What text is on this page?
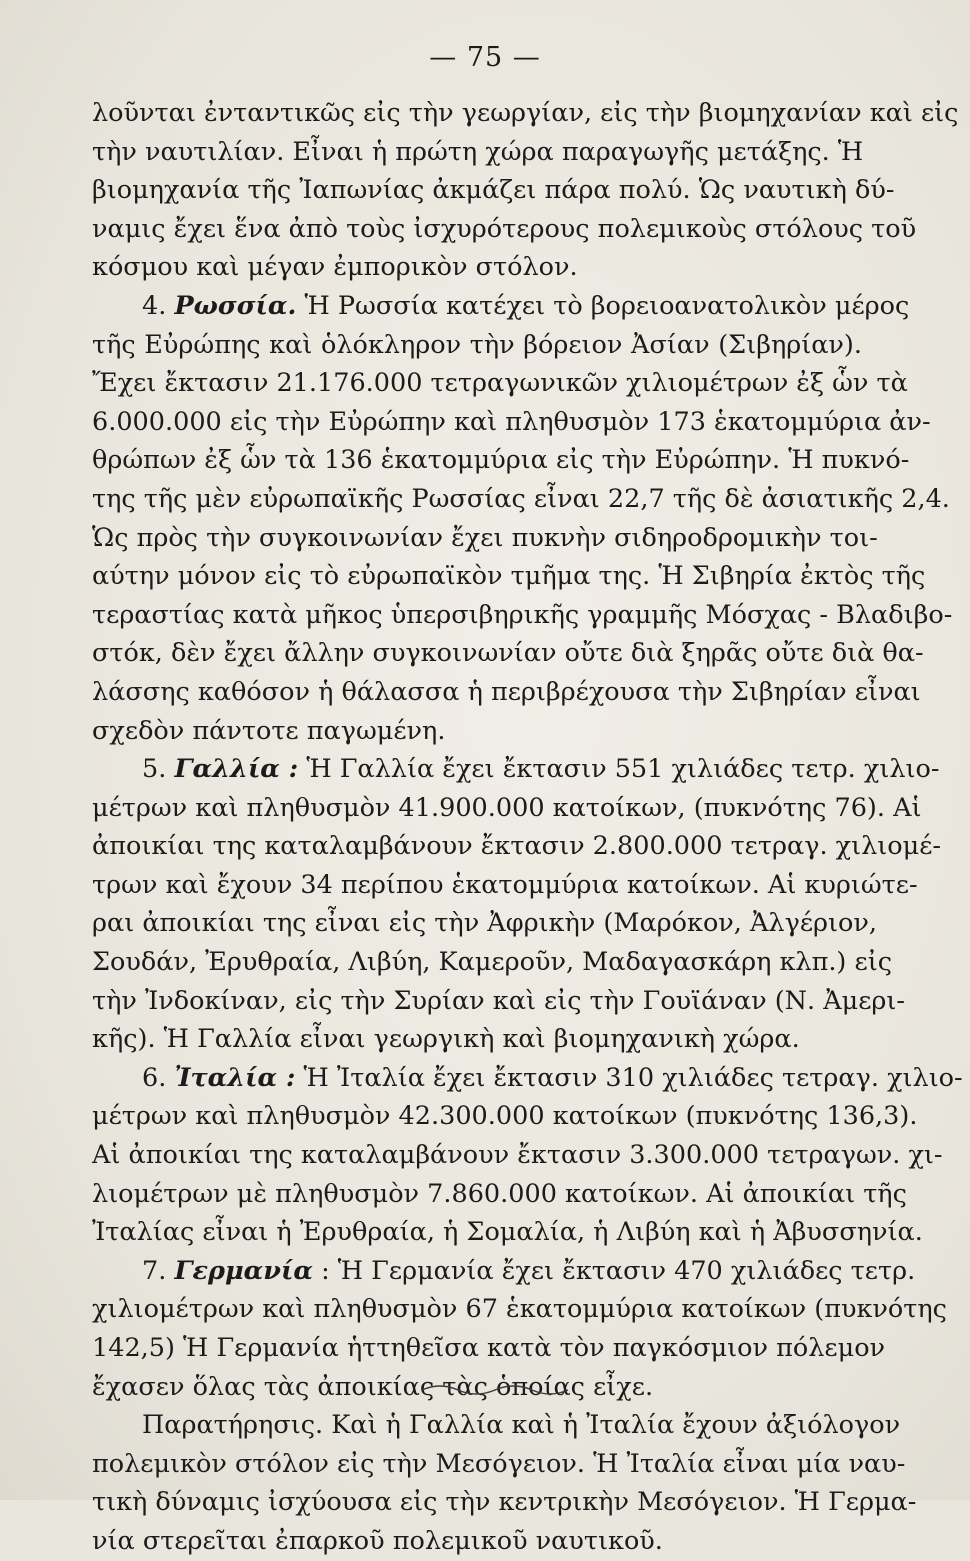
— 75 —
λοῦνται ἐνταντικῶς εἰς τὴν γεωργίαν, εἰς τὴν βιομηχανίαν καὶ εἰς
τὴν ναυτιλίαν. Εἶναι ἡ πρώτη χώρα παραγωγῆς μετάξης. Ἡ
βιομηχανία τῆς Ἰαπωνίας ἀκμάζει πάρα πολύ. Ὡς ναυτικὴ δύ-
ναμις ἔχει ἕνα ἀπὸ τοὺς ἰσχυρότερους πολεμικοὺς στόλους τοῦ
κόσμου καὶ μέγαν ἐμπορικὸν στόλον.
4. Ρωσσία. Ἡ Ρωσσία κατέχει τὸ βορειοανατολικὸν μέρος
τῆς Εὐρώπης καὶ ὁλόκληρον τὴν βόρειον Ἀσίαν (Σιβηρίαν).
Ἔχει ἔκτασιν 21.176.000 τετραγωνικῶν χιλιομέτρων ἐξ ὧν τὰ
6.000.000 εἰς τὴν Εὐρώπην καὶ πληθυσμὸν 173 ἑκατομμύρια ἀν-
θρώπων ἐξ ὧν τὰ 136 ἑκατομμύρια εἰς τὴν Εὐρώπην. Ἡ πυκνό-
της τῆς μὲν εὐρωπαϊκῆς Ρωσσίας εἶναι 22,7 τῆς δὲ ἀσιατικῆς 2,4.
Ὡς πρὸς τὴν συγκοινωνίαν ἔχει πυκνὴν σιδηροδρομικὴν τοι-
αύτην μόνον εἰς τὸ εὐρωπαϊκὸν τμῆμα της. Ἡ Σιβηρία ἐκτὸς τῆς
τεραστίας κατὰ μῆκος ὑπερσιβηρικῆς γραμμῆς Μόσχας - Βλαδιβο-
στόκ, δὲν ἔχει ἄλλην συγκοινωνίαν οὔτε διὰ ξηρᾶς οὔτε διὰ θα-
λάσσης καθόσον ἡ θάλασσα ἡ περιβρέχουσα τὴν Σιβηρίαν εἶναι
σχεδὸν πάντοτε παγωμένη.
5. Γαλλία : Ἡ Γαλλία ἔχει ἔκτασιν 551 χιλιάδες τετρ. χιλιο-
μέτρων καὶ πληθυσμὸν 41.900.000 κατοίκων, (πυκνότης 76). Αἱ
ἀποικίαι της καταλαμβάνουν ἔκτασιν 2.800.000 τετραγ. χιλιομέ-
τρων καὶ ἔχουν 34 περίπου ἑκατομμύρια κατοίκων. Αἱ κυριώτε-
ραι ἀποικίαι της εἶναι εἰς τὴν Ἀφρικὴν (Μαρόκον, Ἀλγέριον,
Σουδάν, Ἐρυθραία, Λιβύη, Καμεροῦν, Μαδαγασκάρη κλπ.) εἰς
τὴν Ἰνδοκίναν, εἰς τὴν Συρίαν καὶ εἰς τὴν Γουϊάναν (Ν. Ἀμερι-
κῆς). Ἡ Γαλλία εἶναι γεωργικὴ καὶ βιομηχανικὴ χώρα.
6. Ἰταλία : Ἡ Ἰταλία ἔχει ἔκτασιν 310 χιλιάδες τετραγ. χιλιο-
μέτρων καὶ πληθυσμὸν 42.300.000 κατοίκων (πυκνότης 136,3).
Αἱ ἀποικίαι της καταλαμβάνουν ἔκτασιν 3.300.000 τετραγων. χι-
λιομέτρων μὲ πληθυσμὸν 7.860.000 κατοίκων. Αἱ ἀποικίαι τῆς
Ἰταλίας εἶναι ἡ Ἐρυθραία, ἡ Σομαλία, ἡ Λιβύη καὶ ἡ Ἀβυσσηνία.
7. Γερμανία : Ἡ Γερμανία ἔχει ἔκτασιν 470 χιλιάδες τετρ.
χιλιομέτρων καὶ πληθυσμὸν 67 ἑκατομμύρια κατοίκων (πυκνότης
142,5) Ἡ Γερμανία ἡττηθεῖσα κατὰ τὸν παγκόσμιον πόλεμον
ἔχασεν ὅλας τὰς ἀποικίας τὰς ὁποίας εἶχε.
Παρατήρησις. Καὶ ἡ Γαλλία καὶ ἡ Ἰταλία ἔχουν ἀξιόλογον
πολεμικὸν στόλον εἰς τὴν Μεσόγειον. Ἡ Ἰταλία εἶναι μία ναυ-
τικὴ δύναμις ἰσχύουσα εἰς τὴν κεντρικὴν Μεσόγειον. Ἡ Γερμα-
νία στερεῖται ἐπαρκοῦ πολεμικοῦ ναυτικοῦ.
